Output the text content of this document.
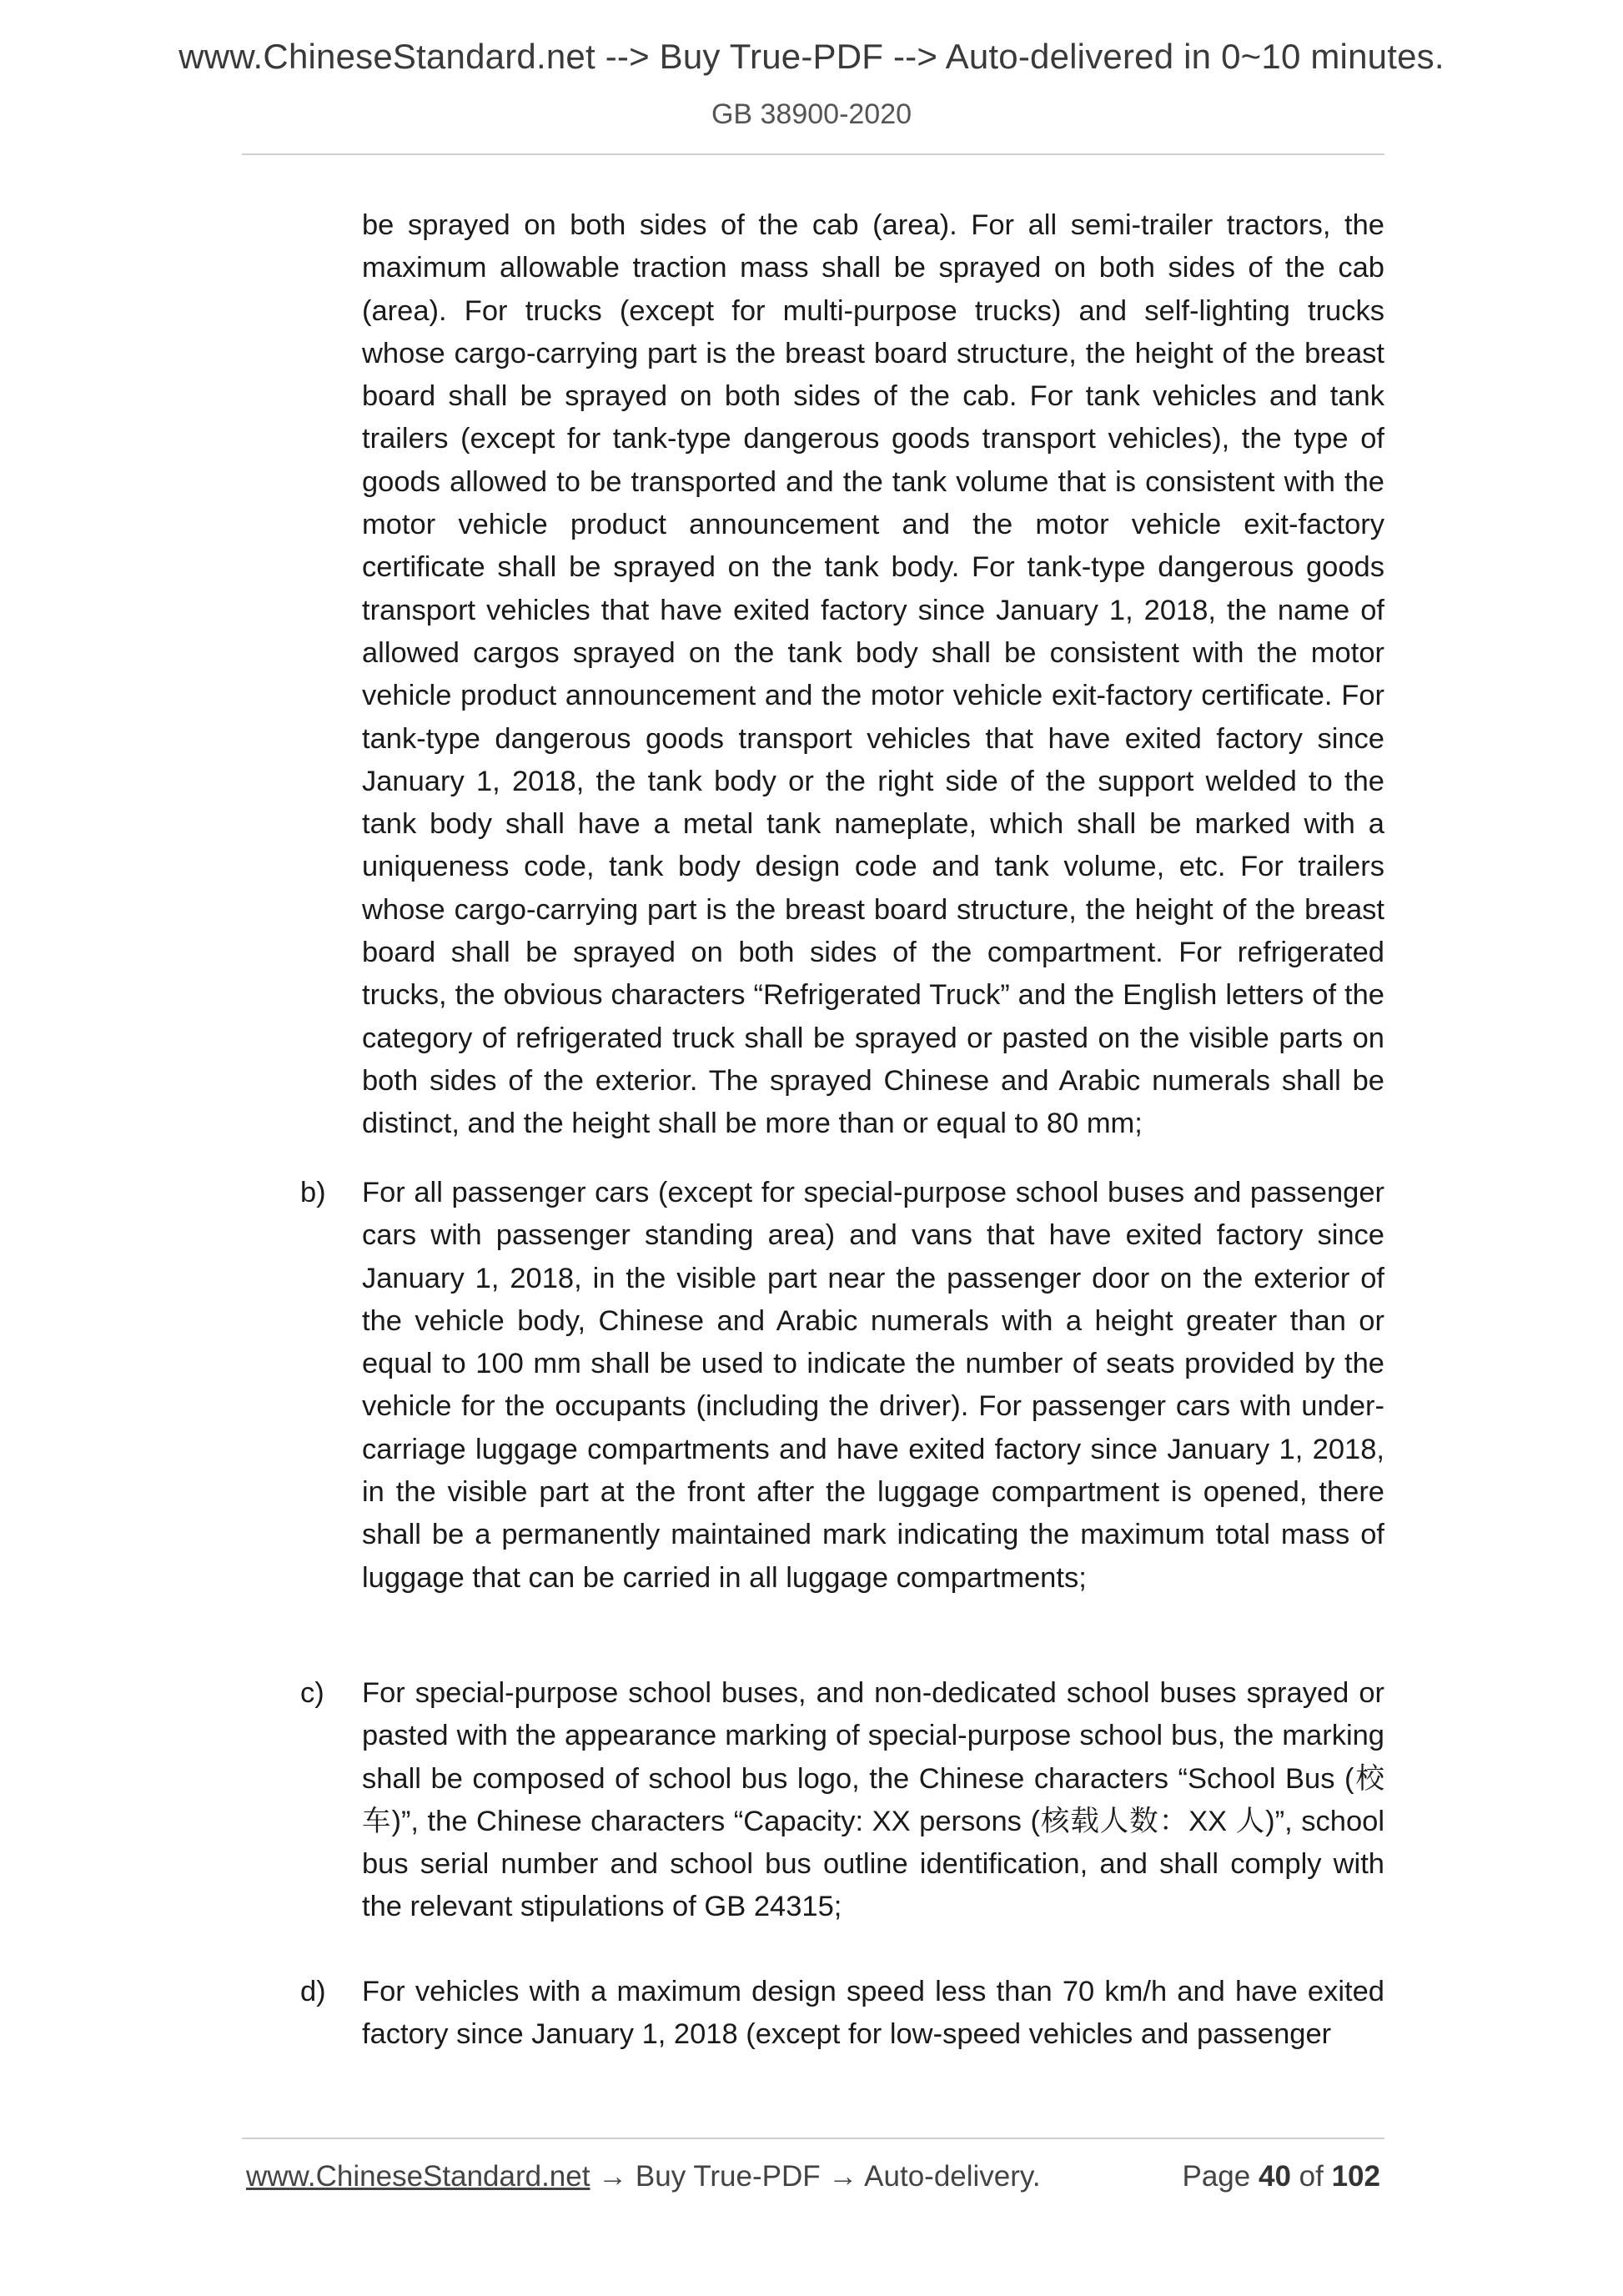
www.ChineseStandard.net --> Buy True-PDF --> Auto-delivered in 0~10 minutes.
GB 38900-2020
be sprayed on both sides of the cab (area). For all semi-trailer tractors, the maximum allowable traction mass shall be sprayed on both sides of the cab (area). For trucks (except for multi-purpose trucks) and self-lighting trucks whose cargo-carrying part is the breast board structure, the height of the breast board shall be sprayed on both sides of the cab. For tank vehicles and tank trailers (except for tank-type dangerous goods transport vehicles), the type of goods allowed to be transported and the tank volume that is consistent with the motor vehicle product announcement and the motor vehicle exit-factory certificate shall be sprayed on the tank body. For tank-type dangerous goods transport vehicles that have exited factory since January 1, 2018, the name of allowed cargos sprayed on the tank body shall be consistent with the motor vehicle product announcement and the motor vehicle exit-factory certificate. For tank-type dangerous goods transport vehicles that have exited factory since January 1, 2018, the tank body or the right side of the support welded to the tank body shall have a metal tank nameplate, which shall be marked with a uniqueness code, tank body design code and tank volume, etc. For trailers whose cargo-carrying part is the breast board structure, the height of the breast board shall be sprayed on both sides of the compartment. For refrigerated trucks, the obvious characters “Refrigerated Truck” and the English letters of the category of refrigerated truck shall be sprayed or pasted on the visible parts on both sides of the exterior. The sprayed Chinese and Arabic numerals shall be distinct, and the height shall be more than or equal to 80 mm;
b) For all passenger cars (except for special-purpose school buses and passenger cars with passenger standing area) and vans that have exited factory since January 1, 2018, in the visible part near the passenger door on the exterior of the vehicle body, Chinese and Arabic numerals with a height greater than or equal to 100 mm shall be used to indicate the number of seats provided by the vehicle for the occupants (including the driver). For passenger cars with under-carriage luggage compartments and have exited factory since January 1, 2018, in the visible part at the front after the luggage compartment is opened, there shall be a permanently maintained mark indicating the maximum total mass of luggage that can be carried in all luggage compartments;
c) For special-purpose school buses, and non-dedicated school buses sprayed or pasted with the appearance marking of special-purpose school bus, the marking shall be composed of school bus logo, the Chinese characters “School Bus (校车)”, the Chinese characters “Capacity: XX persons (核载人数：XX 人)”, school bus serial number and school bus outline identification, and shall comply with the relevant stipulations of GB 24315;
d) For vehicles with a maximum design speed less than 70 km/h and have exited factory since January 1, 2018 (except for low-speed vehicles and passenger
www.ChineseStandard.net → Buy True-PDF → Auto-delivery.	Page 40 of 102
